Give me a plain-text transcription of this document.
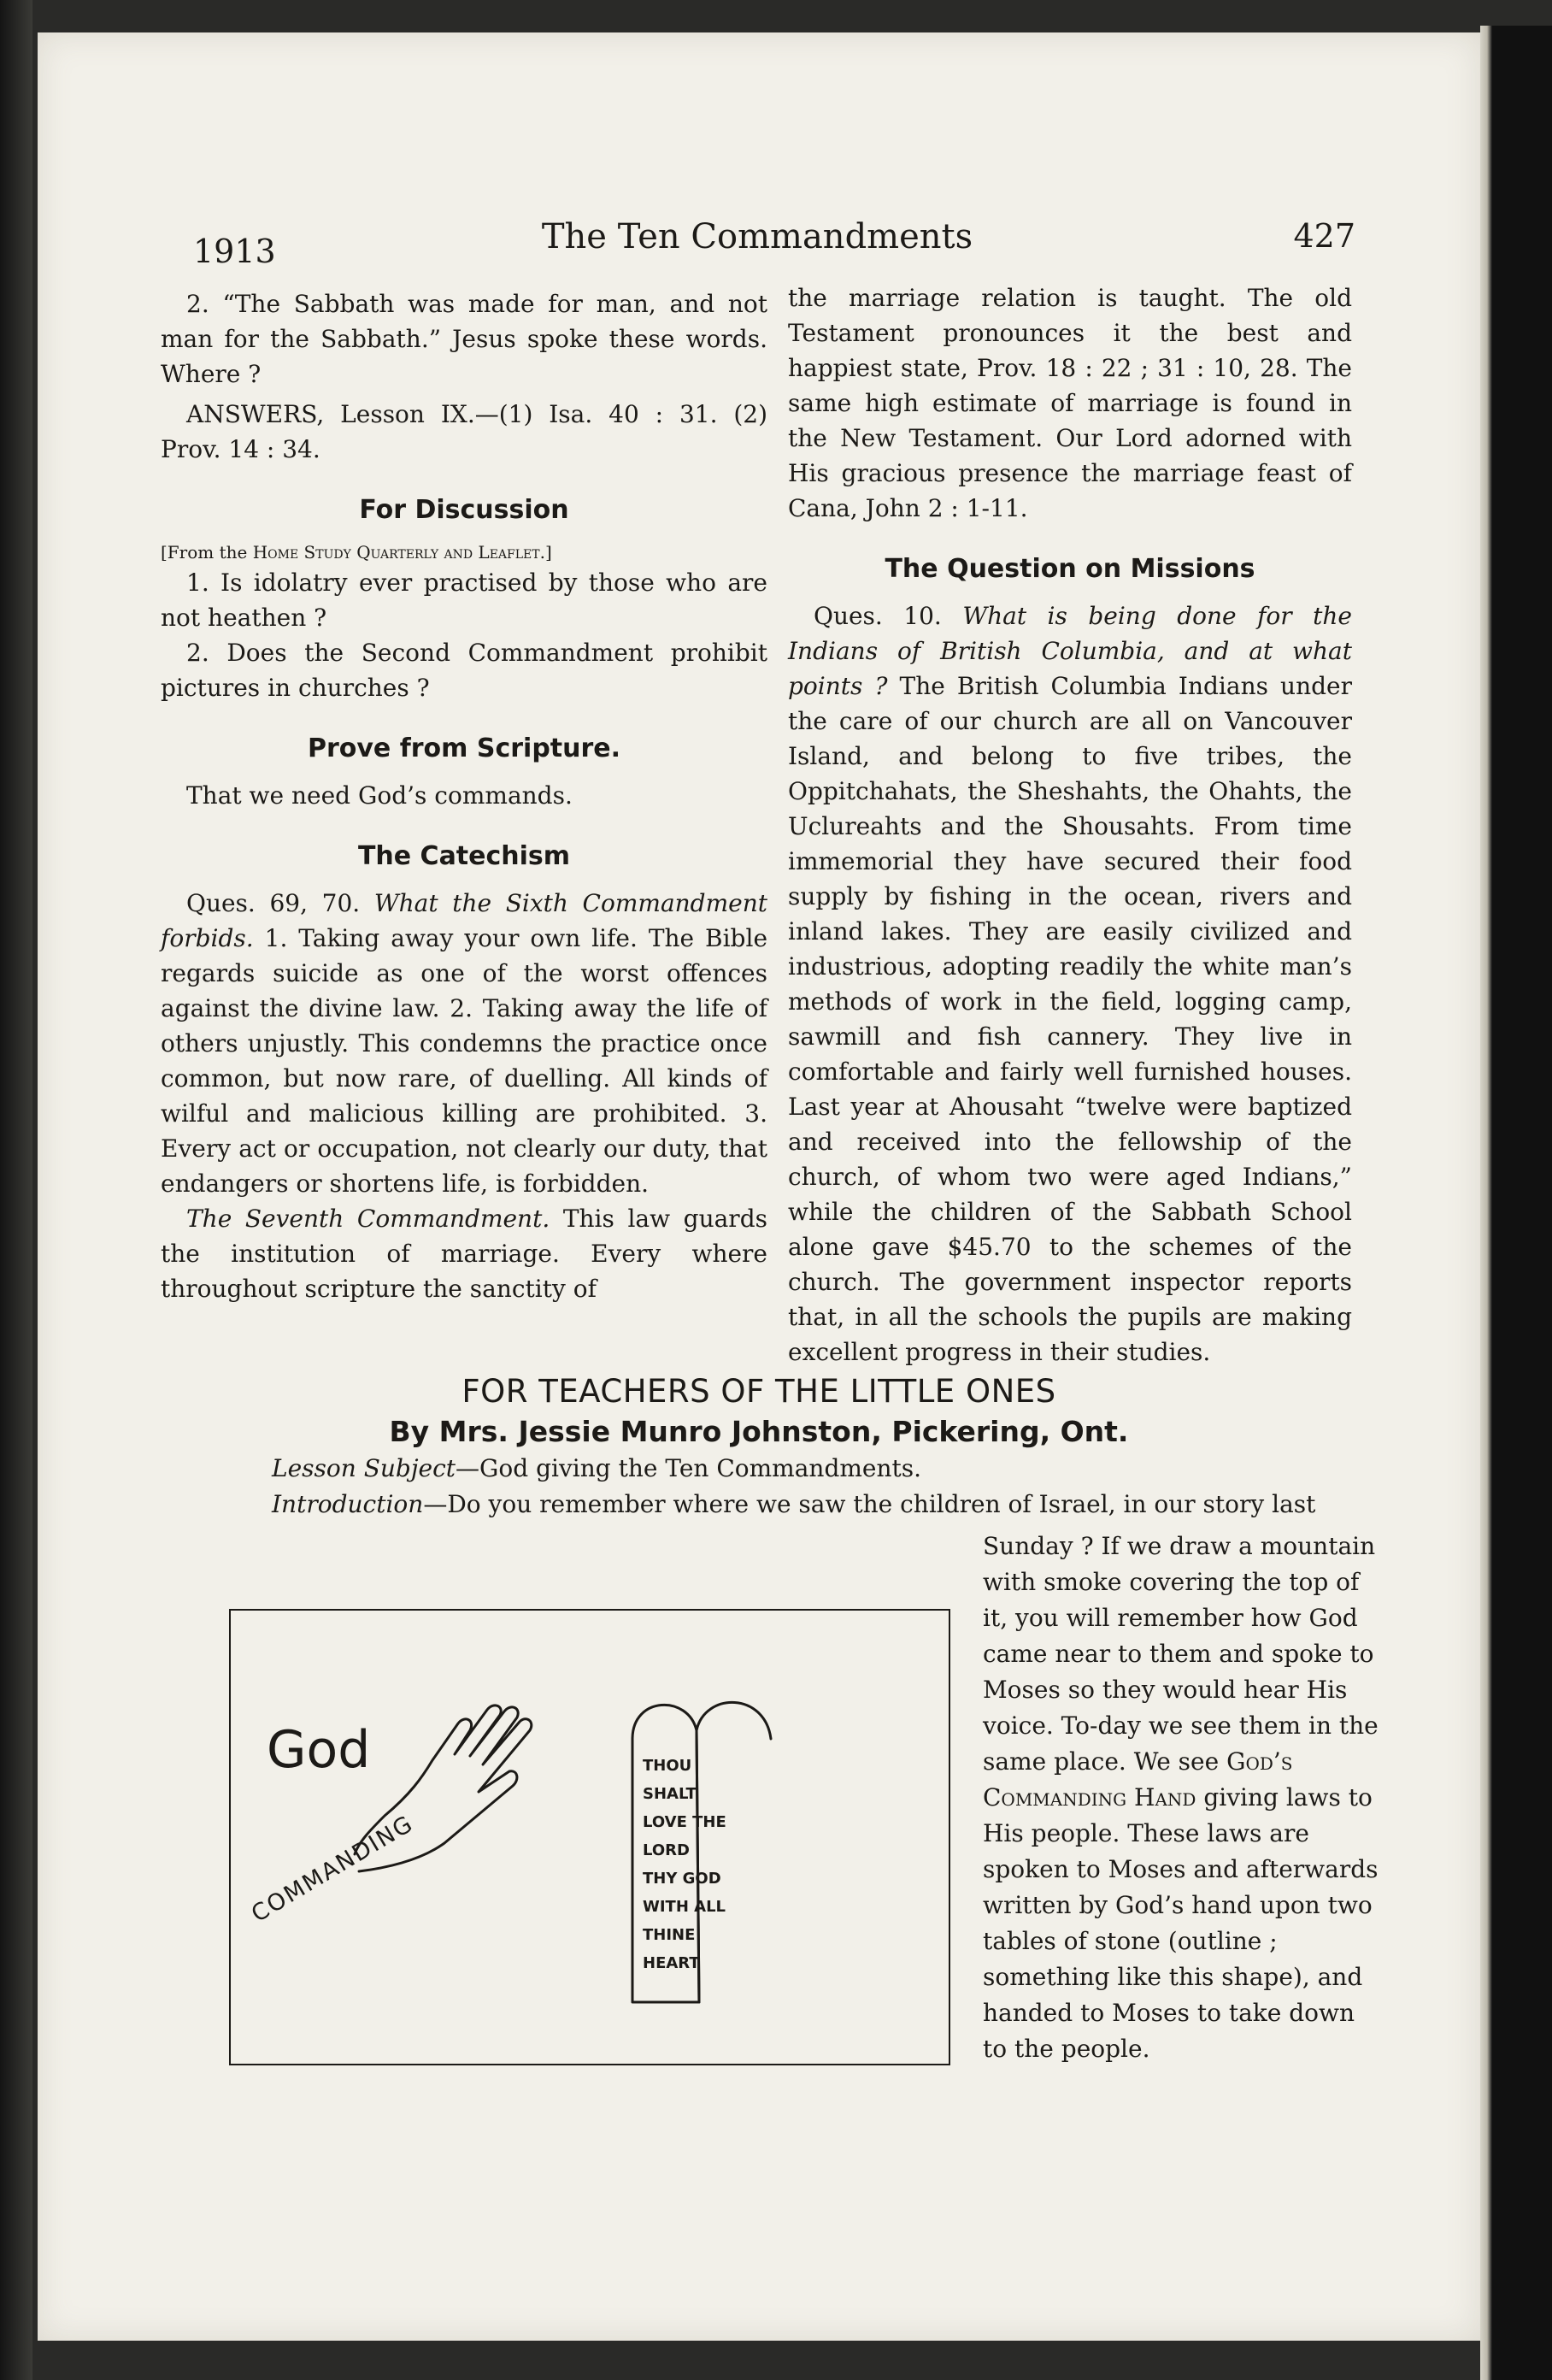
1913	The Ten Commandments	427

2. “The Sabbath was made for man, and not man for the Sabbath.” Jesus spoke these words. Where ?

ANSWERS, Lesson IX.—(1) Isa. 40 : 31. (2) Prov. 14 : 34.

For Discussion

[From the Home Study Quarterly and Leaflet.]

1. Is idolatry ever practised by those who are not heathen ?

2. Does the Second Commandment prohibit pictures in churches ?

Prove from Scripture.

That we need God’s commands.

The Catechism

Ques. 69, 70. What the Sixth Commandment forbids. 1. Taking away your own life. The Bible regards suicide as one of the worst offences against the divine law. 2. Taking away the life of others unjustly. This condemns the practice once common, but now rare, of duelling. All kinds of wilful and malicious killing are prohibited. 3. Every act or occupation, not clearly our duty, that endangers or shortens life, is forbidden.

The Seventh Commandment. This law guards the institution of marriage. Every where throughout scripture the sanctity of

the marriage relation is taught. The old Testament pronounces it the best and happiest state, Prov. 18 : 22 ; 31 : 10, 28. The same high estimate of marriage is found in the New Testament. Our Lord adorned with His gracious presence the marriage feast of Cana, John 2 : 1-11.

The Question on Missions

Ques. 10. What is being done for the Indians of British Columbia, and at what points ? The British Columbia Indians under the care of our church are all on Vancouver Island, and belong to five tribes, the Oppitchahats, the Sheshahts, the Ohahts, the Uclureahts and the Shousahts. From time immemorial they have secured their food supply by fishing in the ocean, rivers and inland lakes. They are easily civilized and industrious, adopting readily the white man’s methods of work in the field, logging camp, sawmill and fish cannery. They live in comfortable and fairly well furnished houses. Last year at Ahousaht “twelve were baptized and received into the fellowship of the church, of whom two were aged Indians,” while the children of the Sabbath School alone gave $45.70 to the schemes of the church. The government inspector reports that, in all the schools the pupils are making excellent progress in their studies.

FOR TEACHERS OF THE LITTLE ONES
By Mrs. Jessie Munro Johnston, Pickering, Ont.
Lesson Subject—God giving the Ten Commandments.
Introduction—Do you remember where we saw the children of Israel, in our story last
Sunday ? If we draw a mountain with smoke covering the top of it, you will remember how God came near to them and spoke to Moses so they would hear His voice. To-day we see them in the same place. We see God’s Commanding Hand giving laws to His people. These laws are spoken to Moses and afterwards written by God’s hand upon two tables of stone (outline ; something like this shape), and handed to Moses to take down to the people.
God
COMMANDING
THOU
SHALT
LOVE THE
LORD
THY GOD
WITH ALL
THINE
HEART
